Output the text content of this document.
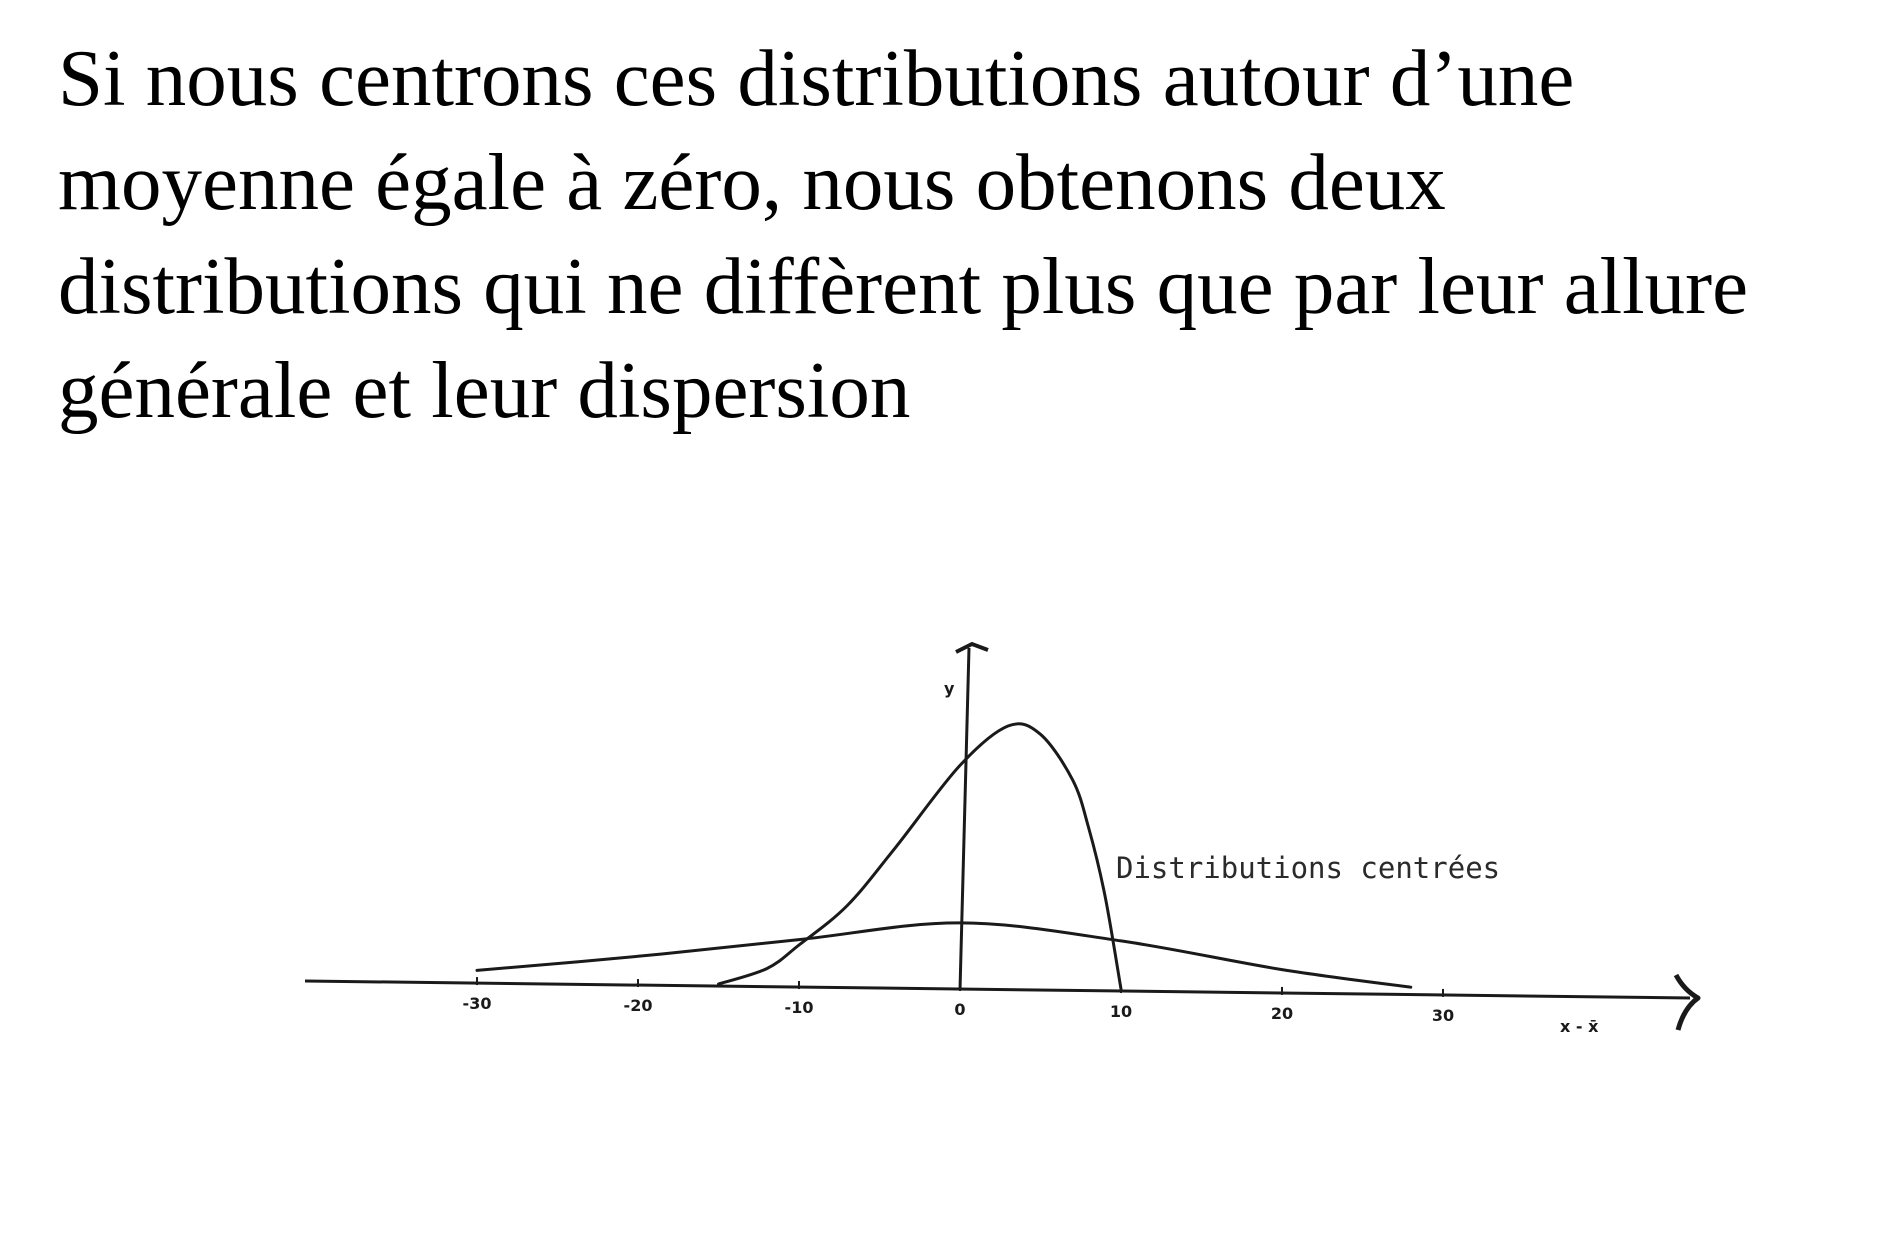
Si nous centrons ces distributions autour d’une
moyenne égale à zéro, nous obtenons deux
distributions qui ne diffèrent plus que par leur allure
générale et leur dispersion
-30	-20	-10	0	10	20	30
x - x̄
y
Distributions centrées
